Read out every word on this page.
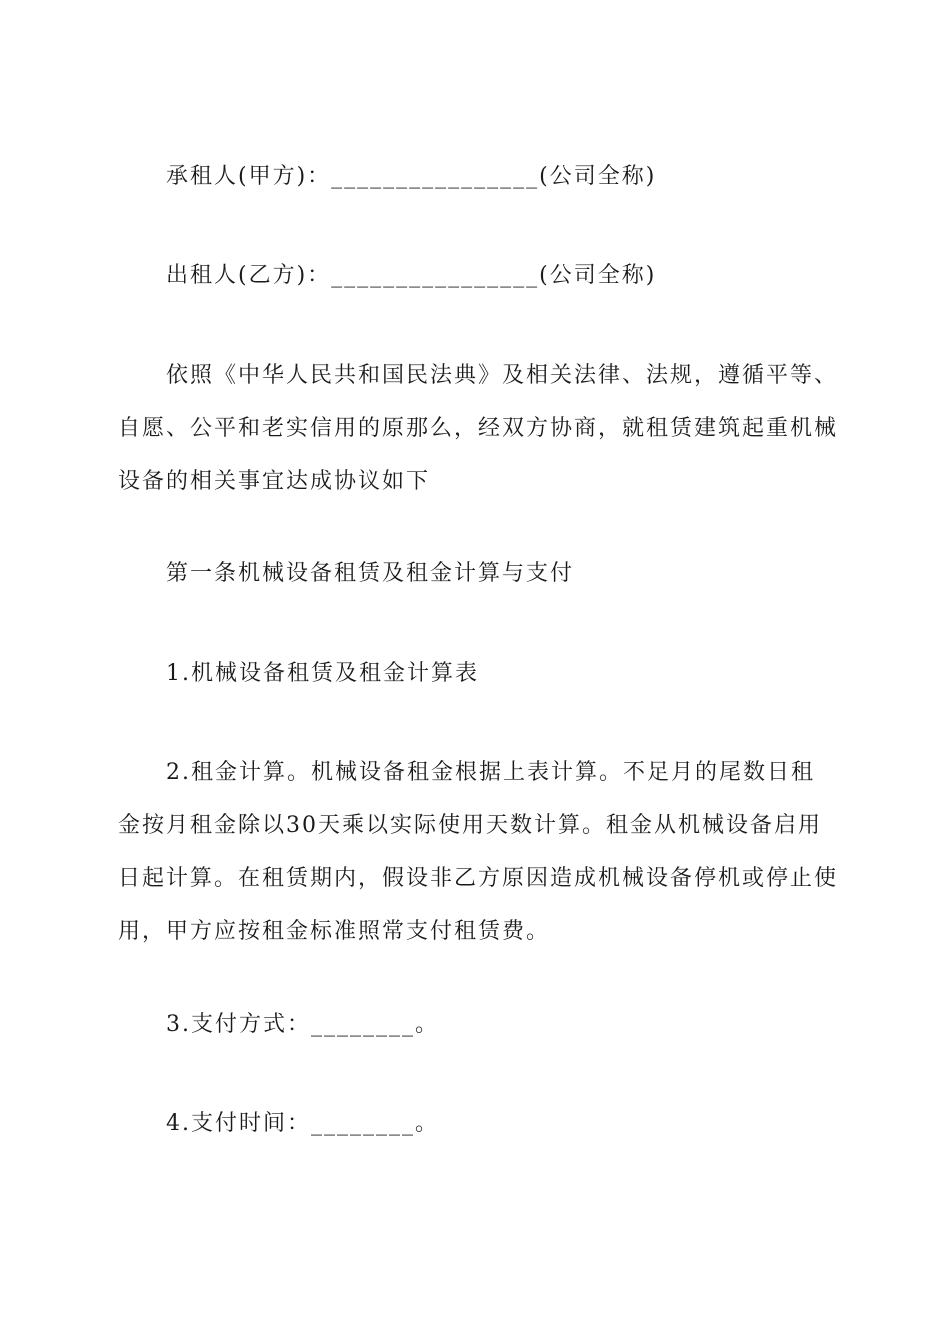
承租人(甲方)：________________(公司全称)

出租人(乙方)：________________(公司全称)

依照《中华人民共和国民法典》及相关法律、法规，遵循平等、自愿、公平和老实信用的原那么，经双方协商，就租赁建筑起重机械设备的相关事宜达成协议如下

第一条机械设备租赁及租金计算与支付

1.机械设备租赁及租金计算表

2.租金计算。机械设备租金根据上表计算。不足月的尾数日租金按月租金除以30天乘以实际使用天数计算。租金从机械设备启用日起计算。在租赁期内，假设非乙方原因造成机械设备停机或停止使用，甲方应按租金标准照常支付租赁费。

3.支付方式：________。

4.支付时间：________。
